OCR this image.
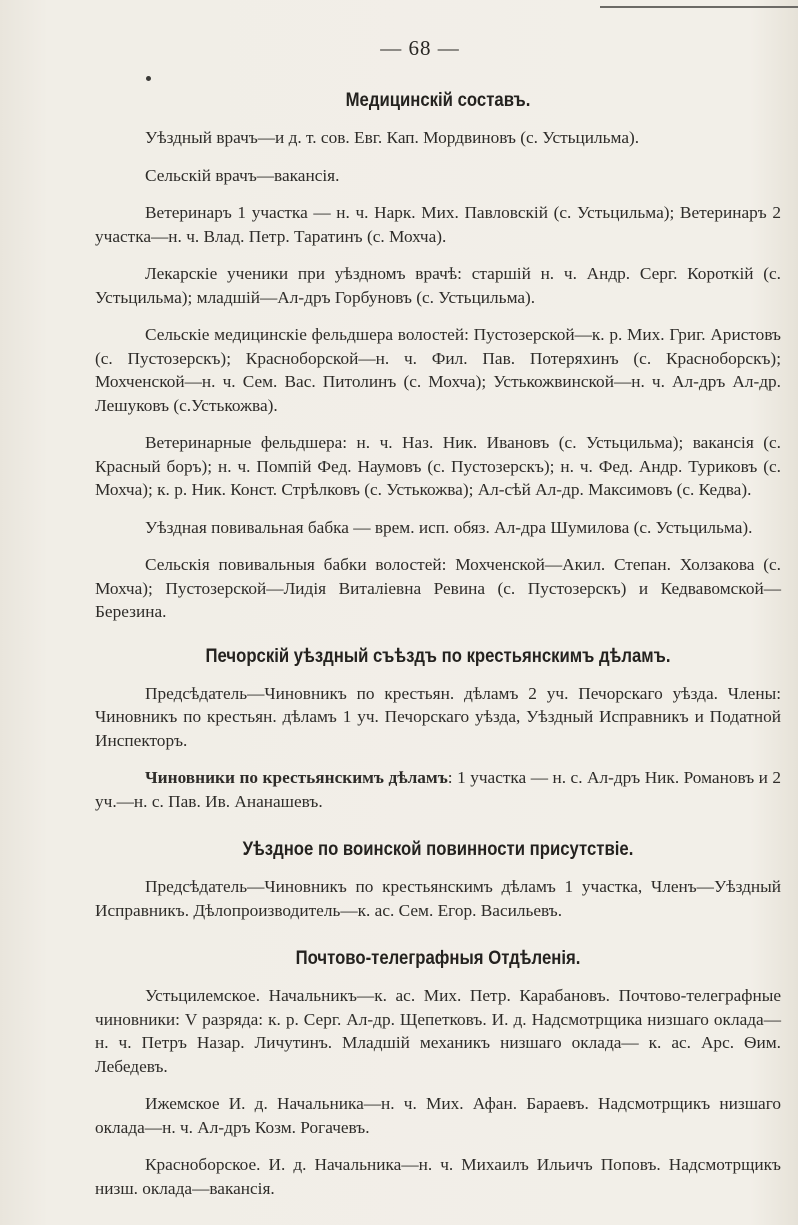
— 68 —
Медицинскій составъ.

Уѣздный врачъ—и д. т. сов. Евг. Кап. Мордвиновъ (с. Устьцильма).

Сельскій врачъ—вакансія.

Ветеринаръ 1 участка — н. ч. Нарк. Мих. Павловскій (с. Устьцильма); Ветеринаръ 2 участка—н. ч. Влад. Петр. Таратинъ (с. Мохча).

Лекарскіе ученики при уѣздномъ врачѣ: старшій н. ч. Андр. Серг. Короткій (с. Устьцильма); младшій—Ал-дръ Горбуновъ (с. Устьцильма).

Сельскіе медицинскіе фельдшера волостей: Пустозерской—к. р. Мих. Григ. Аристовъ (с. Пустозерскъ); Красноборской—н. ч. Фил. Пав. Потеряхинъ (с. Красноборскъ); Мохченской—н. ч. Сем. Вас. Питолинъ (с. Мохча); Устькожвинской—н. ч. Ал-дръ Ал-др. Лешуковъ (с.Устькожва).

Ветеринарные фельдшера: н. ч. Наз. Ник. Ивановъ (с. Устьцильма); вакансія (с. Красный боръ); н. ч. Помпій Фед. Наумовъ (с. Пустозерскъ); н. ч. Фед. Андр. Туриковъ (с. Мохча); к. р. Ник. Конст. Стрѣлковъ (с. Устькожва); Ал-сѣй Ал-др. Максимовъ (с. Кедва).

Уѣздная повивальная бабка — врем. исп. обяз. Ал-дра Шумилова (с. Устьцильма).

Сельскія повивальныя бабки волостей: Мохченской—Акил. Степан. Холзакова (с. Мохча); Пустозерской—Лидія Виталіевна Ревина (с. Пустозерскъ) и Кедвавомской—Березина.

Печорскій уѣздный съѣздъ по крестьянскимъ дѣламъ.

Предсѣдатель—Чиновникъ по крестьян. дѣламъ 2 уч. Печорскаго уѣзда. Члены: Чиновникъ по крестьян. дѣламъ 1 уч. Печорскаго уѣзда, Уѣздный Исправникъ и Податной Инспекторъ.

Чиновники по крестьянскимъ дѣламъ: 1 участка — н. с. Ал-дръ Ник. Романовъ и 2 уч.—н. с. Пав. Ив. Ананашевъ.

Уѣздное по воинской повинности присутствіе.

Предсѣдатель—Чиновникъ по крестьянскимъ дѣламъ 1 участка, Членъ—Уѣздный Исправникъ. Дѣлопроизводитель—к. ас. Сем. Егор. Васильевъ.

Почтово-телеграфныя Отдѣленія.

Устьцилемское. Начальникъ—к. ас. Мих. Петр. Карабановъ. Почтово-телеграфные чиновники: V разряда: к. р. Серг. Ал-др. Щепетковъ. И. д. Надсмотрщика низшаго оклада—н. ч. Петръ Назар. Личутинъ. Младшій механикъ низшаго оклада— к. ас. Арс. Ѳим. Лебедевъ.

Ижемское И. д. Начальника—н. ч. Мих. Афан. Бараевъ. Надсмотрщикъ низшаго оклада—н. ч. Ал-дръ Козм. Рогачевъ.

Красноборское. И. д. Начальника—н. ч. Михаилъ Ильичъ Поповъ. Надсмотрщикъ низш. оклада—вакансія.
